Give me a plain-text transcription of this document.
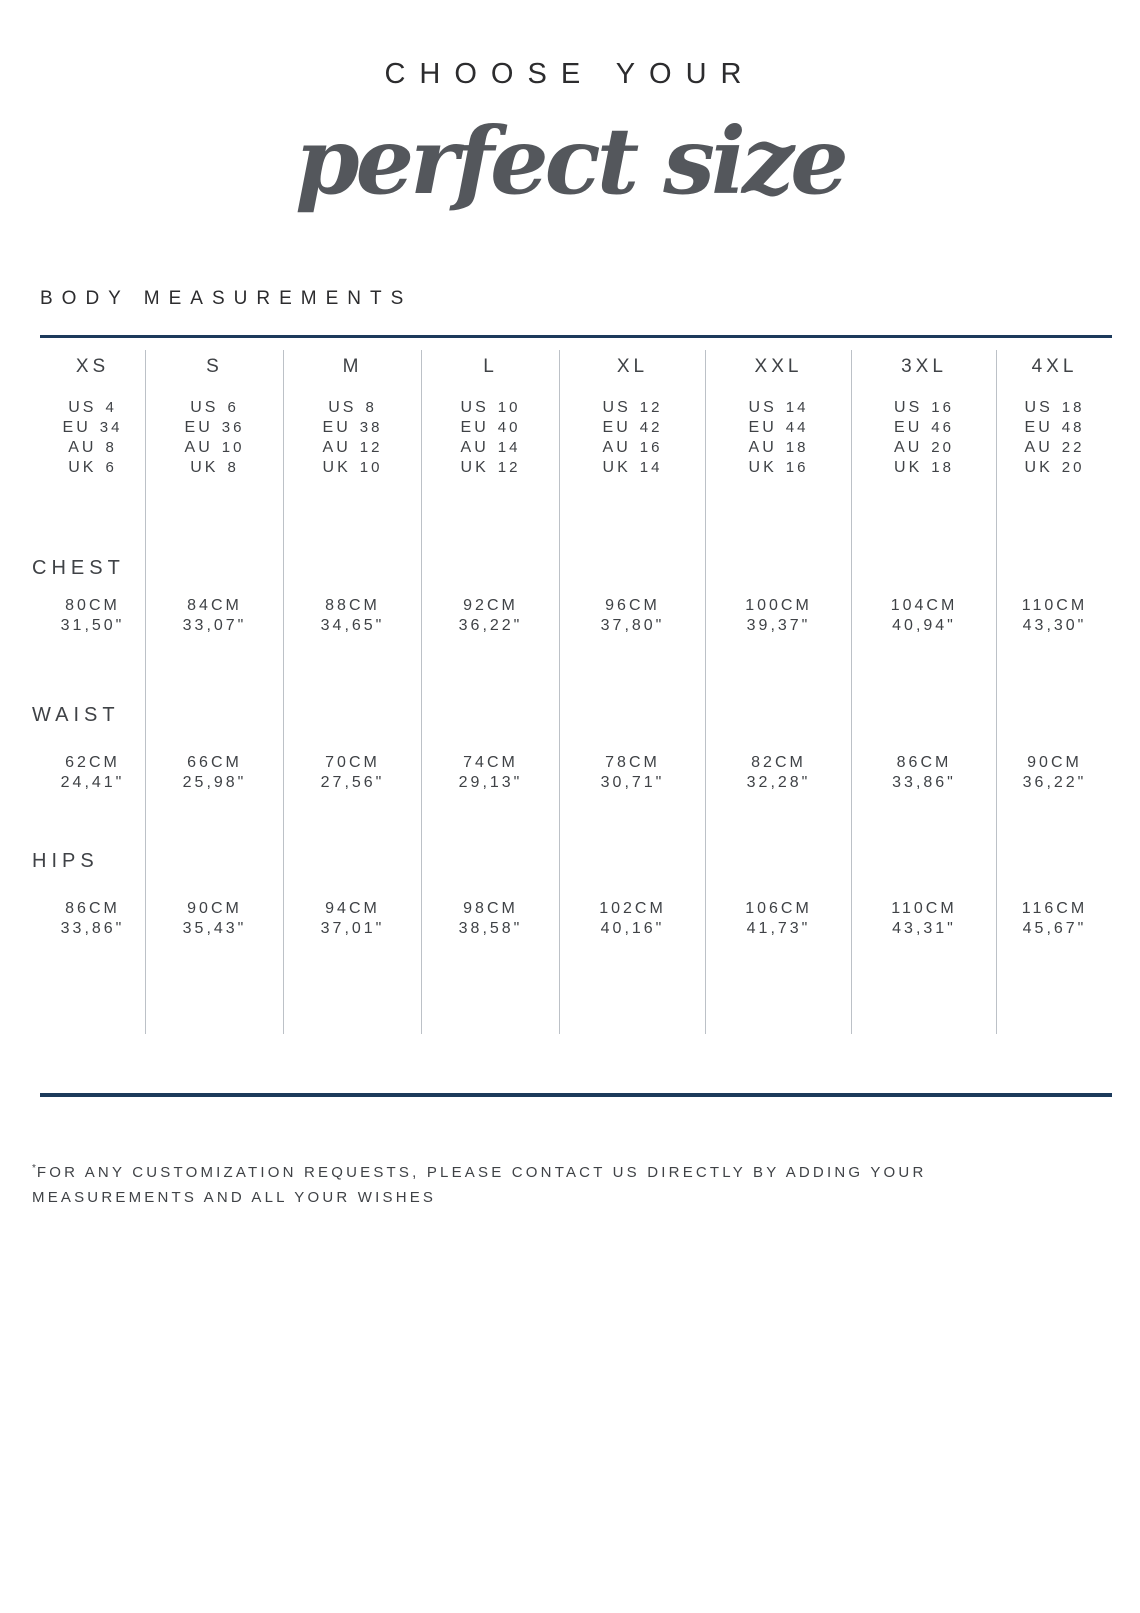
CHOOSE YOUR
perfect size
BODY MEASUREMENTS
CHEST
WAIST
HIPS
XS
US 4
EU 34
AU 8
UK 6
80CM
31,50"
62CM
24,41"
86CM
33,86"
S
US 6
EU 36
AU 10
UK 8
84CM
33,07"
66CM
25,98"
90CM
35,43"
M
US 8
EU 38
AU 12
UK 10
88CM
34,65"
70CM
27,56"
94CM
37,01"
L
US 10
EU 40
AU 14
UK 12
92CM
36,22"
74CM
29,13"
98CM
38,58"
XL
US 12
EU 42
AU 16
UK 14
96CM
37,80"
78CM
30,71"
102CM
40,16"
XXL
US 14
EU 44
AU 18
UK 16
100CM
39,37"
82CM
32,28"
106CM
41,73"
3XL
US 16
EU 46
AU 20
UK 18
104CM
40,94"
86CM
33,86"
110CM
43,31"
4XL
US 18
EU 48
AU 22
UK 20
110CM
43,30"
90CM
36,22"
116CM
45,67"
*FOR ANY CUSTOMIZATION REQUESTS, PLEASE CONTACT US DIRECTLY BY ADDING YOUR
MEASUREMENTS AND ALL YOUR WISHES
